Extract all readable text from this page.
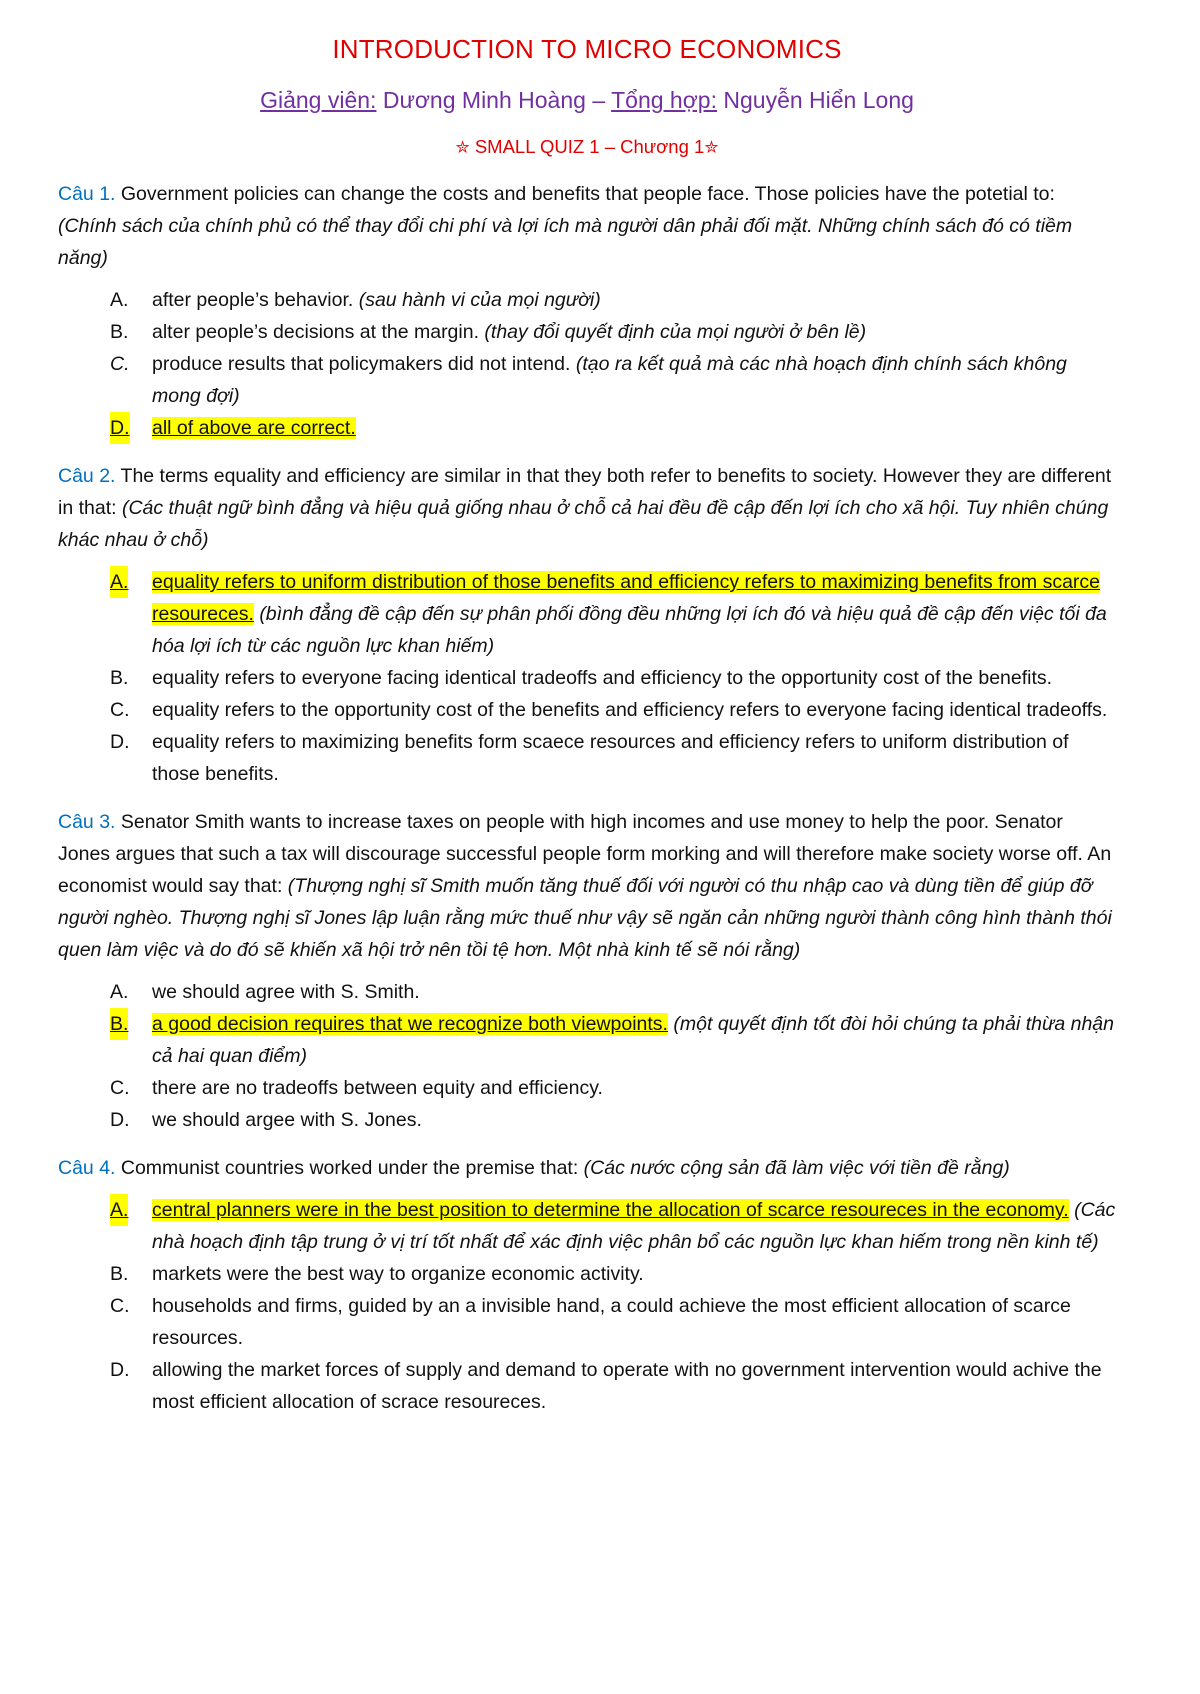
INTRODUCTION TO MICRO ECONOMICS
Giảng viên: Dương Minh Hoàng – Tổng hợp: Nguyễn Hiển Long
✮ SMALL QUIZ 1 – Chương 1✮

Câu 1. Government policies can change the costs and benefits that people face. Those policies have the potetial to: (Chính sách của chính phủ có thể thay đổi chi phí và lợi ích mà người dân phải đối mặt. Những chính sách đó có tiềm năng)

A. after people’s behavior. (sau hành vi của mọi người)
B. alter people’s decisions at the margin. (thay đổi quyết định của mọi người ở bên lề)
C. produce results that policymakers did not intend. (tạo ra kết quả mà các nhà hoạch định chính sách không mong đợi)
D. all of above are correct.

Câu 2. The terms equality and efficiency are similar in that they both refer to benefits to society. However they are different in that: (Các thuật ngữ bình đẳng và hiệu quả giống nhau ở chỗ cả hai đều đề cập đến lợi ích cho xã hội. Tuy nhiên chúng khác nhau ở chỗ)

A. equality refers to uniform distribution of those benefits and efficiency refers to maximizing benefits from scarce resoureces. (bình đẳng đề cập đến sự phân phối đồng đều những lợi ích đó và hiệu quả đề cập đến việc tối đa hóa lợi ích từ các nguồn lực khan hiếm)
B. equality refers to everyone facing identical tradeoffs and efficiency to the opportunity cost of the benefits.
C. equality refers to the opportunity cost of the benefits and efficiency refers to everyone facing identical tradeoffs.
D. equality refers to maximizing benefits form scaece resources and efficiency refers to uniform distribution of those benefits.

Câu 3. Senator Smith wants to increase taxes on people with high incomes and use money to help the poor. Senator Jones argues that such a tax will discourage successful people form morking and will therefore make society worse off. An economist would say that: (Thượng nghị sĩ Smith muốn tăng thuế đối với người có thu nhập cao và dùng tiền để giúp đỡ người nghèo. Thượng nghị sĩ Jones lập luận rằng mức thuế như vậy sẽ ngăn cản những người thành công hình thành thói quen làm việc và do đó sẽ khiến xã hội trở nên tồi tệ hơn. Một nhà kinh tế sẽ nói rằng)

A. we should agree with S. Smith.
B. a good decision requires that we recognize both viewpoints. (một quyết định tốt đòi hỏi chúng ta phải thừa nhận cả hai quan điểm)
C. there are no tradeoffs between equity and efficiency.
D. we should argee with S. Jones.

Câu 4. Communist countries worked under the premise that: (Các nước cộng sản đã làm việc với tiền đề rằng)

A. central planners were in the best position to determine the allocation of scarce resoureces in the economy. (Các nhà hoạch định tập trung ở vị trí tốt nhất để xác định việc phân bổ các nguồn lực khan hiếm trong nền kinh tế)
B. markets were the best way to organize economic activity.
C. households and firms, guided by an a invisible hand, a could achieve the most efficient allocation of scarce resources.
D. allowing the market forces of supply and demand to operate with no government intervention would achive the most efficient allocation of scrace resoureces.
